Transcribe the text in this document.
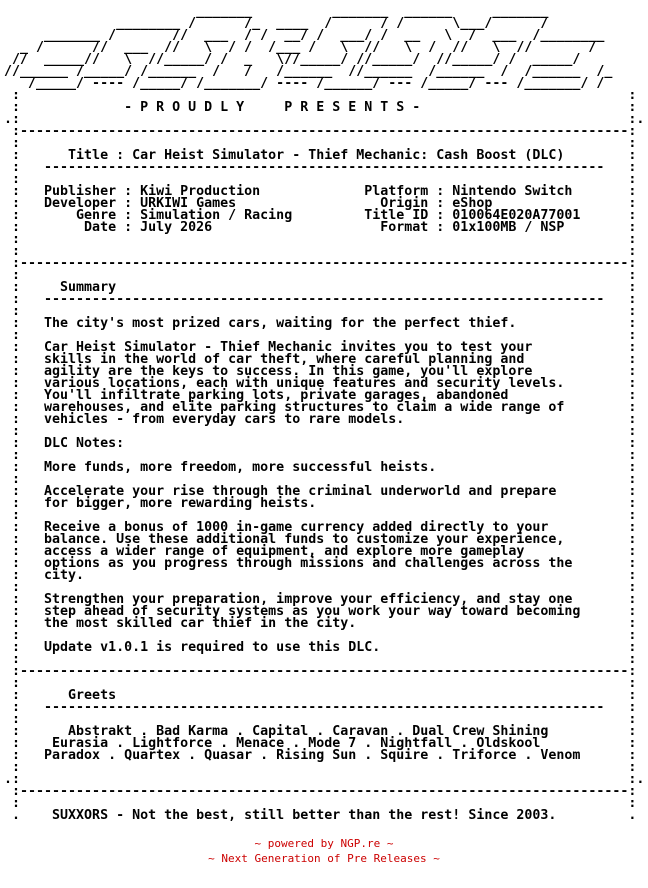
_______          _______  ______     _______
________ /      /_  ____  /      / /      \___/      /
_______ /       //  ___  / /  __/ /  ___/ /  __   \  /  ___  /________
_ /      //  ___  //   \  / /  /___ /   \  //   \  /  //   \  //       /
//  _____//   \  //_____/ /  _   \//_____/ //_____/  //_____/ /  _____/
//______ /_____/ /______  /   /   /______  //______  /______  /  /______  /_
/_____/ ---- /_____/ /_______/ ---- /______/ --- /_____/ --- /_______/ /
:                                                                            :
:             - P R O U D L Y     P R E S E N T S -                          :
.:                                                                            :.
:----------------------------------------------------------------------------:
:                                                                            :
:      Title : Car Heist Simulator - Thief Mechanic: Cash Boost (DLC)        :
:   ----------------------------------------------------------------------   :
:                                                                            :
:   Publisher : Kiwi Production             Platform : Nintendo Switch       :
:   Developer : URKIWI Games                  Origin : eShop                 :
:       Genre : Simulation / Racing         Title ID : 010064E020A77001      :
:        Date : July 2026                     Format : 01x100MB / NSP        :
:                                                                            :
:                                                                            :
:----------------------------------------------------------------------------:
:                                                                            :
:     Summary                                                                :
:   ----------------------------------------------------------------------   :
:                                                                            :
:   The city's most prized cars, waiting for the perfect thief.              :
:                                                                            :
:   Car Heist Simulator - Thief Mechanic invites you to test your            :
:   skills in the world of car theft, where careful planning and             :
:   agility are the keys to success. In this game, you'll explore            :
:   various locations, each with unique features and security levels.        :
:   You'll infiltrate parking lots, private garages, abandoned               :
:   warehouses, and elite parking structures to claim a wide range of        :
:   vehicles - from everyday cars to rare models.                            :
:                                                                            :
:   DLC Notes:                                                               :
:                                                                            :
:   More funds, more freedom, more successful heists.                        :
:                                                                            :
:   Accelerate your rise through the criminal underworld and prepare         :
:   for bigger, more rewarding heists.                                       :
:                                                                            :
:   Receive a bonus of 1000 in-game currency added directly to your          :
:   balance. Use these additional funds to customize your experience,        :
:   access a wider range of equipment, and explore more gameplay             :
:   options as you progress through missions and challenges across the       :
:   city.                                                                    :
:                                                                            :
:   Strengthen your preparation, improve your efficiency, and stay one       :
:   step ahead of security systems as you work your way toward becoming      :
:   the most skilled car thief in the city.                                  :
:                                                                            :
:   Update v1.0.1 is required to use this DLC.                               :
:                                                                            :
:----------------------------------------------------------------------------:
:                                                                            :
:      Greets                                                                :
:   ----------------------------------------------------------------------   :
:                                                                            :
:      Abstrakt . Bad Karma . Capital . Caravan . Dual Crew Shining          :
:    Eurasia . Lightforce . Menace . Mode 7 . Nightfall . Oldskool           :
:   Paradox . Quartex . Quasar . Rising Sun . Squire . Triforce . Venom      :
:                                                                            :
.:                                                                            :.
:----------------------------------------------------------------------------:
:                                                                            :
.    SUXXORS - Not the best, still better than the rest! Since 2003.         .
~ powered by NGP.re ~
~ Next Generation of Pre Releases ~
